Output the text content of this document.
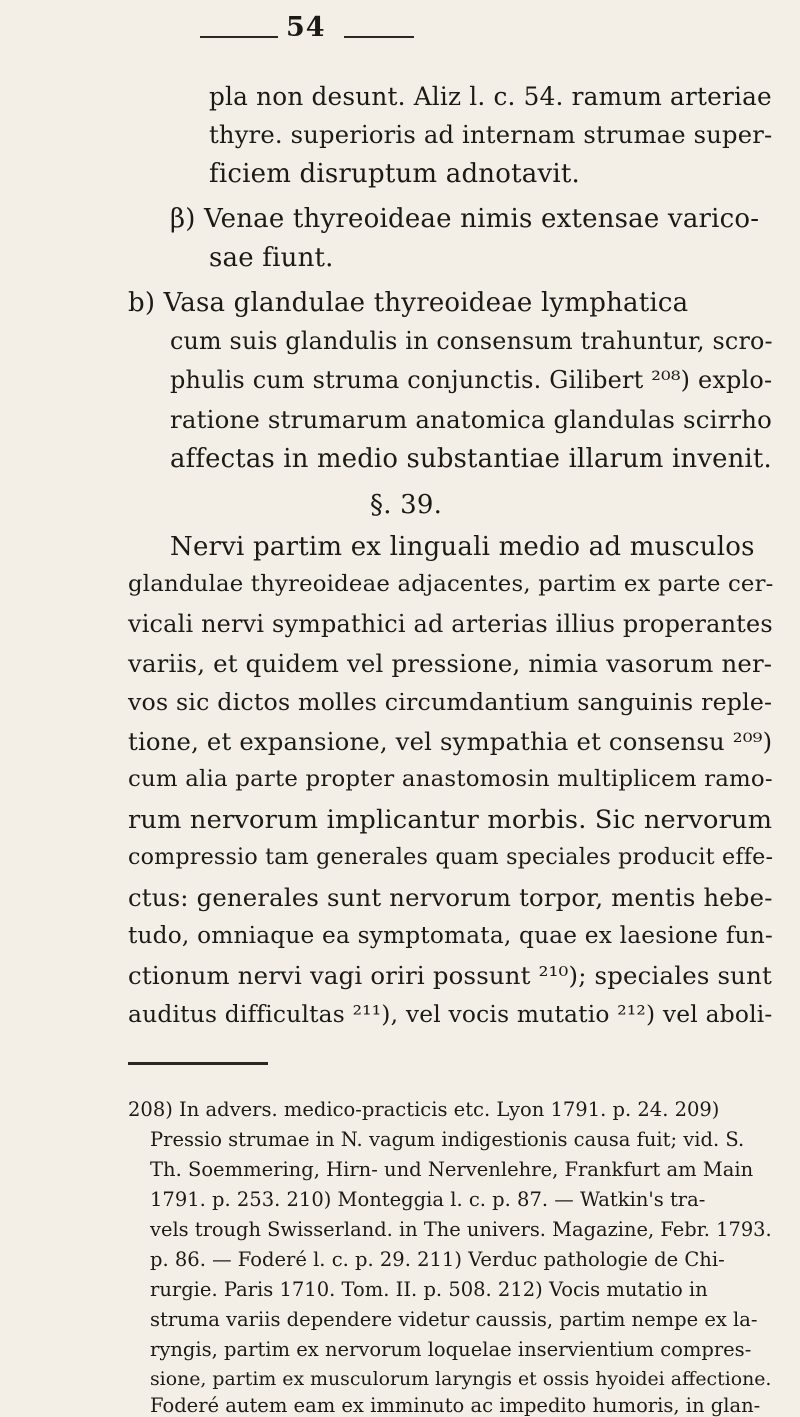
54
pla non desunt. Aliz l. c. 54. ramum arteriae
thyre. superioris ad internam strumae super-
ficiem disruptum adnotavit.
β) Venae thyreoideae nimis extensae varico-
sae fiunt.
b) Vasa glandulae thyreoideae lymphatica
cum suis glandulis in consensum trahuntur, scro-
phulis cum struma conjunctis. Gilibert ²⁰⁸) explo-
ratione strumarum anatomica glandulas scirrho
affectas in medio substantiae illarum invenit.
§. 39.
Nervi partim ex linguali medio ad musculos
glandulae thyreoideae adjacentes, partim ex parte cer-
vicali nervi sympathici ad arterias illius properantes
variis, et quidem vel pressione, nimia vasorum ner-
vos sic dictos molles circumdantium sanguinis reple-
tione, et expansione, vel sympathia et consensu ²⁰⁹)
cum alia parte propter anastomosin multiplicem ramo-
rum nervorum implicantur morbis. Sic nervorum
compressio tam generales quam speciales producit effe-
ctus: generales sunt nervorum torpor, mentis hebe-
tudo, omniaque ea symptomata, quae ex laesione fun-
ctionum nervi vagi oriri possunt ²¹⁰); speciales sunt
auditus difficultas ²¹¹), vel vocis mutatio ²¹²) vel aboli-
208) In advers. medico-practicis etc. Lyon 1791. p. 24. 209)
Pressio strumae in N. vagum indigestionis causa fuit; vid. S.
Th. Soemmering, Hirn- und Nervenlehre, Frankfurt am Main
1791. p. 253. 210) Monteggia l. c. p. 87. — Watkin's tra-
vels trough Swisserland. in The univers. Magazine, Febr. 1793.
p. 86. — Foderé l. c. p. 29. 211) Verduc pathologie de Chi-
rurgie. Paris 1710. Tom. II. p. 508. 212) Vocis mutatio in
struma variis dependere videtur caussis, partim nempe ex la-
ryngis, partim ex nervorum loquelae inservientium compres-
sione, partim ex musculorum laryngis et ossis hyoidei affectione.
Foderé autem eam ex imminuto ac impedito humoris, in glan-
